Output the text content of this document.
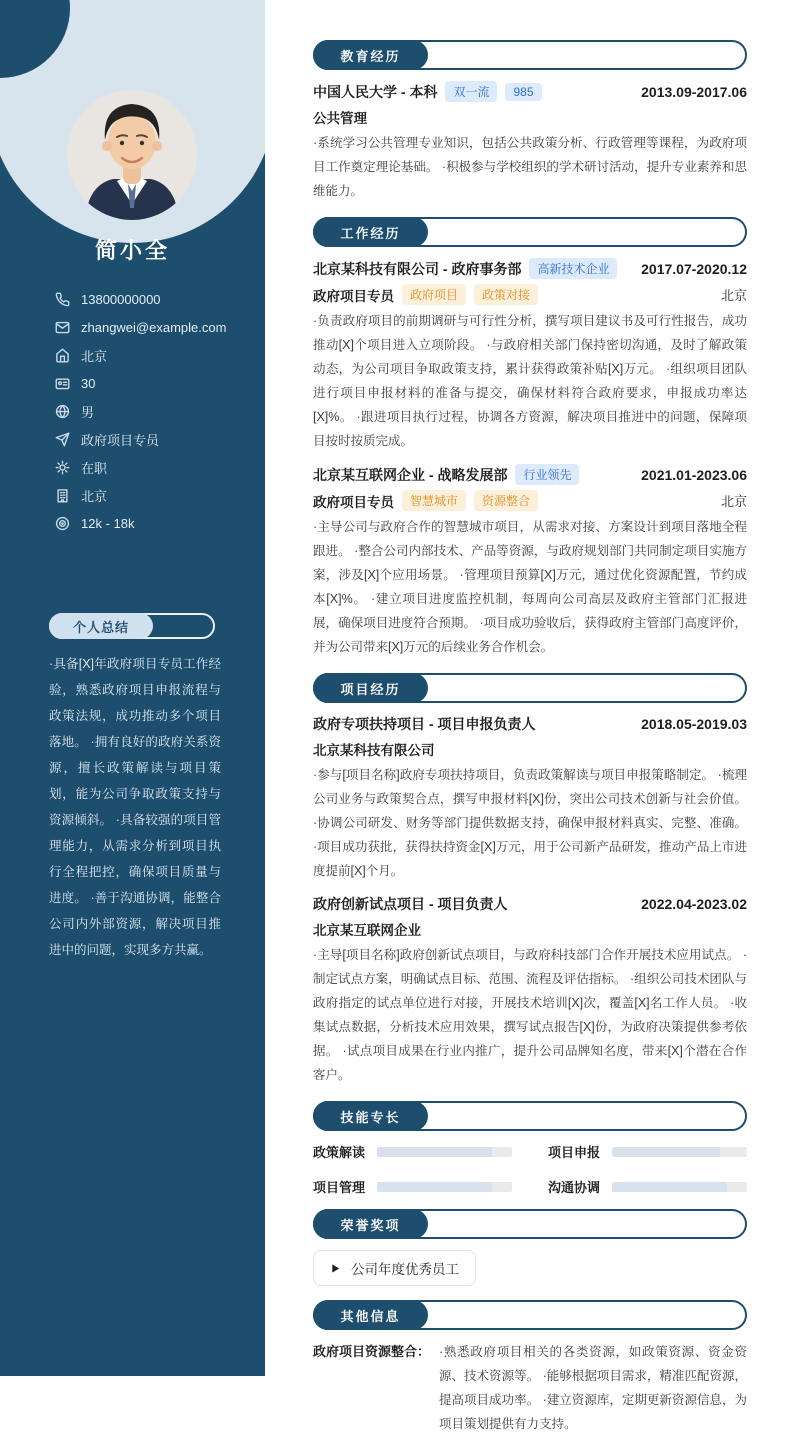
简小全
13800000000
zhangwei@example.com
北京
30
男
政府项目专员
在职
北京
12k - 18k
个人总结
·具备[X]年政府项目专员工作经验，熟悉政府项目申报流程与政策法规，成功推动多个项目落地。 ·拥有良好的政府关系资源，擅长政策解读与项目策划，能为公司争取政策支持与资源倾斜。 ·具备较强的项目管理能力，从需求分析到项目执行全程把控，确保项目质量与进度。 ·善于沟通协调，能整合公司内外部资源，解决项目推进中的问题，实现多方共赢。
教育经历
中国人民大学 - 本科	双一流	985	2013.09-2017.06
公共管理

·系统学习公共管理专业知识，包括公共政策分析、行政管理等课程，为政府项目工作奠定理论基础。 ·积极参与学校组织的学术研讨活动，提升专业素养和思维能力。

工作经历
北京某科技有限公司 - 政府事务部	高新技术企业	2017.07-2020.12
政府项目专员	政府项目	政策对接	北京

·负责政府项目的前期调研与可行性分析，撰写项目建议书及可行性报告，成功推动[X]个项目进入立项阶段。 ·与政府相关部门保持密切沟通，及时了解政策动态，为公司项目争取政策支持，累计获得政策补贴[X]万元。 ·组织项目团队进行项目申报材料的准备与提交，确保材料符合政府要求，申报成功率达[X]%。 ·跟进项目执行过程，协调各方资源，解决项目推进中的问题，保障项目按时按质完成。

北京某互联网企业 - 战略发展部	行业领先	2021.01-2023.06
政府项目专员	智慧城市	资源整合	北京

·主导公司与政府合作的智慧城市项目，从需求对接、方案设计到项目落地全程跟进。 ·整合公司内部技术、产品等资源，与政府规划部门共同制定项目实施方案，涉及[X]个应用场景。 ·管理项目预算[X]万元，通过优化资源配置，节约成本[X]%。 ·建立项目进度监控机制，每周向公司高层及政府主管部门汇报进展，确保项目进度符合预期。 ·项目成功验收后，获得政府主管部门高度评价，并为公司带来[X]万元的后续业务合作机会。

项目经历
政府专项扶持项目 - 项目申报负责人	2018.05-2019.03
北京某科技有限公司

·参与[项目名称]政府专项扶持项目，负责政策解读与项目申报策略制定。 ·梳理公司业务与政策契合点，撰写申报材料[X]份，突出公司技术创新与社会价值。 ·协调公司研发、财务等部门提供数据支持，确保申报材料真实、完整、准确。 ·项目成功获批，获得扶持资金[X]万元，用于公司新产品研发，推动产品上市进度提前[X]个月。

政府创新试点项目 - 项目负责人	2022.04-2023.02
北京某互联网企业

·主导[项目名称]政府创新试点项目，与政府科技部门合作开展技术应用试点。 ·制定试点方案，明确试点目标、范围、流程及评估指标。 ·组织公司技术团队与政府指定的试点单位进行对接，开展技术培训[X]次，覆盖[X]名工作人员。 ·收集试点数据，分析技术应用效果，撰写试点报告[X]份，为政府决策提供参考依据。 ·试点项目成果在行业内推广，提升公司品牌知名度，带来[X]个潜在合作客户。

技能专长
政策解读	项目申报
项目管理	沟通协调
荣誉奖项
公司年度优秀员工
其他信息
政府项目资源整合： ·熟悉政府项目相关的各类资源，如政策资源、资金资源、技术资源等。 ·能够根据项目需求，精准匹配资源，提高项目成功率。 ·建立资源库，定期更新资源信息，为项目策划提供有力支持。
